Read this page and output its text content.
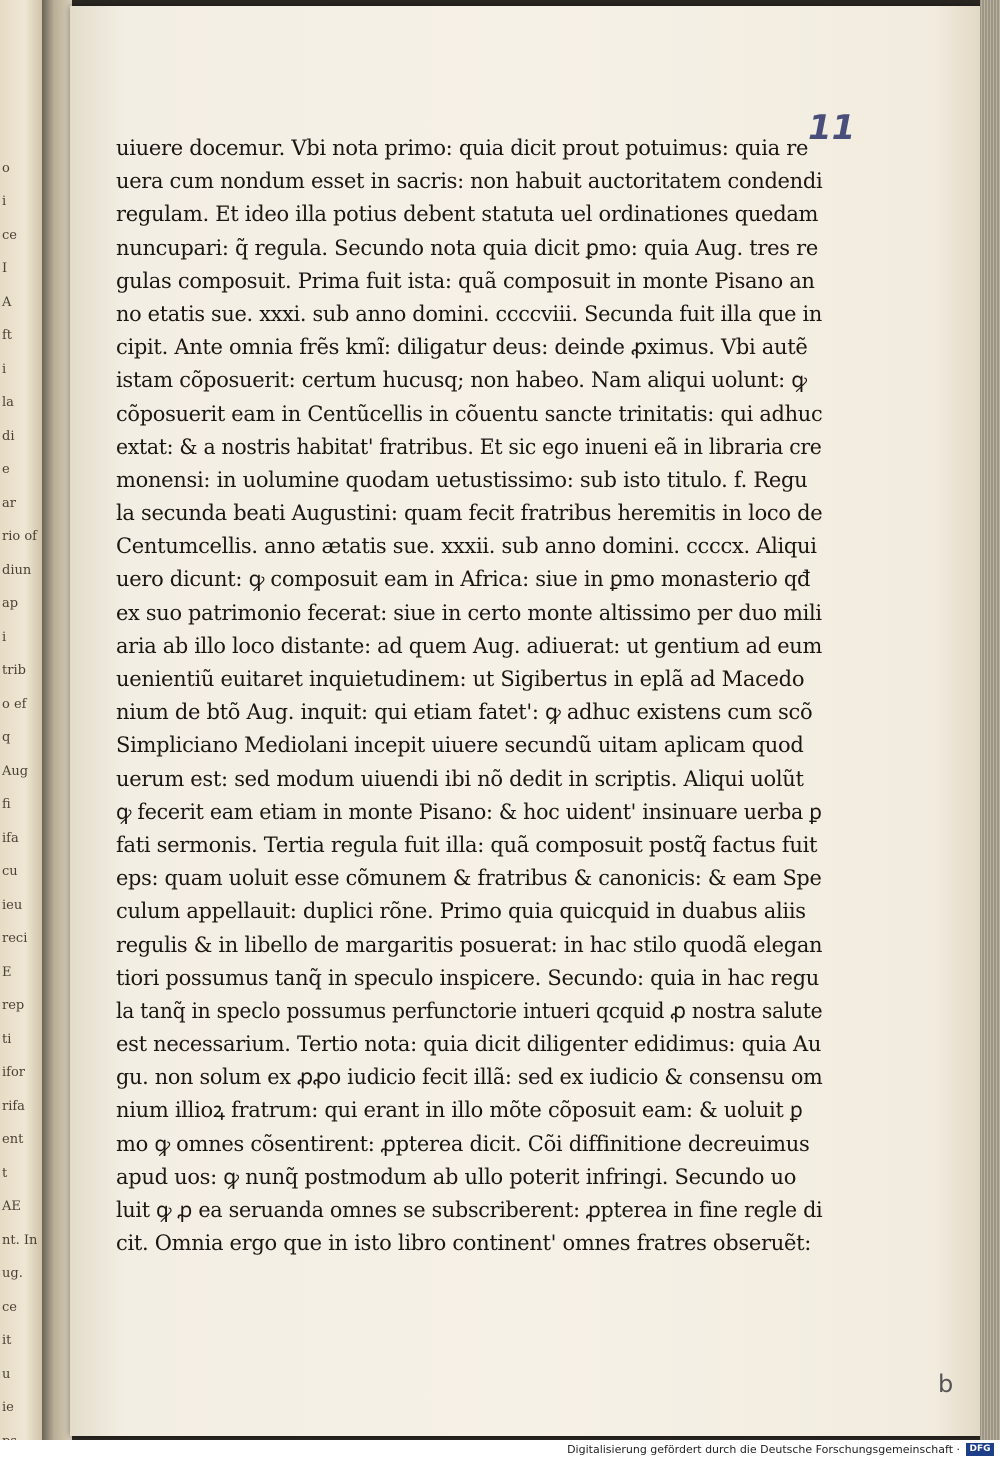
o
i
ce
I
A
ft
i
la
di
e
ar
rio of
diun
ap
i
trib
o ef
q
Aug
fi
ifa
cu
ieu
reci
E
rep
ti
ifor
rifa
ent
t
AE
nt. In
ug.
ce
it
u
ie
11
b
uiuere docemur. Vbi nota primo: quia dicit prout potuimus: quia re
uera cum nondum esset in sacris: non habuit auctoritatem condendi
regulam. Et ideo illa potius debent statuta uel ordinationes quedam
nuncupari: q̃ regula. Secundo nota quia dicit ꝑmo: quia Aug. tres re
gulas composuit. Prima fuit ista: quã composuit in monte Pisano an
no etatis sue. xxxi. sub anno domini. ccccviii. Secunda fuit illa que in
cipit. Ante omnia frẽs kmĩ: diligatur deus: deinde ꝓximus. Vbi autẽ
istam cõposuerit: certum hucusq; non habeo. Nam aliqui uolunt: ꝙ
cõposuerit eam in Centũcellis in cõuentu sancte trinitatis: qui adhuc
extat: & a nostris habitat' fratribus. Et sic ego inueni eã in libraria cre
monensi: in uolumine quodam uetustissimo: sub isto titulo. f. Regu
la secunda beati Augustini: quam fecit fratribus heremitis in loco de
Centumcellis. anno ætatis sue. xxxii. sub anno domini. ccccx. Aliqui
uero dicunt: ꝙ composuit eam in Africa: siue in ꝑmo monasterio qđ
ex suo patrimonio fecerat: siue in certo monte altissimo per duo mili
aria ab illo loco distante: ad quem Aug. adiuerat: ut gentium ad eum
uenientiũ euitaret inquietudinem: ut Sigibertus in eplã ad Macedo
nium de btõ Aug. inquit: qui etiam fatet': ꝙ adhuc existens cum scõ
Simpliciano Mediolani incepit uiuere secundũ uitam aplicam quod
uerum est: sed modum uiuendi ibi nõ dedit in scriptis. Aliqui uolũt
ꝙ fecerit eam etiam in monte Pisano: & hoc uident' insinuare uerba ꝑ
fati sermonis. Tertia regula fuit illa: quã composuit postq̃ factus fuit
eps: quam uoluit esse cõmunem & fratribus & canonicis: & eam Spe
culum appellauit: duplici rõne. Primo quia quicquid in duabus aliis
regulis & in libello de margaritis posuerat: in hac stilo quodã elegan
tiori possumus tanq̃ in speculo inspicere. Secundo: quia in hac regu
la tanq̃ in speclo possumus perfunctorie intueri qcquid ꝓ nostra salute
est necessarium. Tertio nota: quia dicit diligenter edidimus: quia Au
gu. non solum ex ꝓꝓo iudicio fecit illã: sed ex iudicio & consensu om
nium illioꝝ fratrum: qui erant in illo mõte cõposuit eam: & uoluit ꝑ
mo ꝙ omnes cõsentirent: ꝓpterea dicit. Cõi diffinitione decreuimus
apud uos: ꝙ nunq̃ postmodum ab ullo poterit infringi. Secundo uo
luit ꝙ ꝓ ea seruanda omnes se subscriberent: ꝓpterea in fine regle di
cit. Omnia ergo que in isto libro continent' omnes fratres obseruẽt:
Digitalisierung gefördert durch die Deutsche Forschungsgemeinschaft ·	DFG
